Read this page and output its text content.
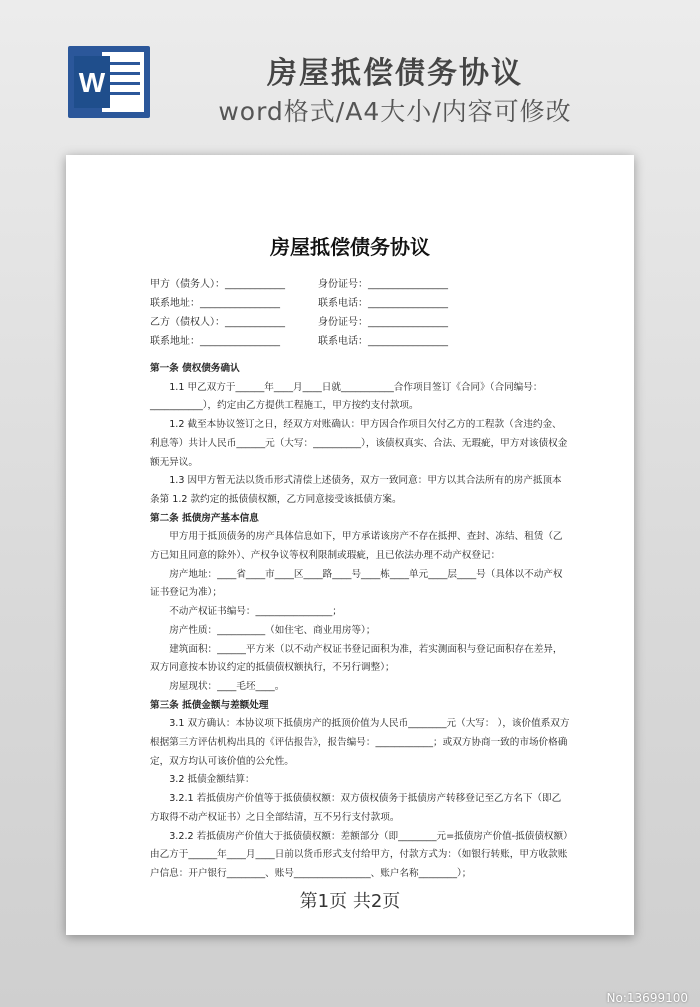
W	房屋抵偿债务协议
word格式/A4大小/内容可修改
房屋抵偿债务协议
甲方（债务人）：____________	身份证号：________________
联系地址：________________	联系电话：________________
乙方（债权人）：____________	身份证号：________________
联系地址：________________	联系电话：________________

第一条 债权债务确认

1.1 甲乙双方于______年____月____日就___________合作项目签订《合同》（合同编号：___________），约定由乙方提供工程施工，甲方按约支付款项。

1.2 截至本协议签订之日，经双方对账确认：甲方因合作项目欠付乙方的工程款（含违约金、利息等）共计人民币______元（大写：__________），该债权真实、合法、无瑕疵，甲方对该债权金额无异议。

1.3 因甲方暂无法以货币形式清偿上述债务，双方一致同意：甲方以其合法所有的房产抵顶本条第 1.2 款约定的抵债债权额，乙方同意接受该抵债方案。

第二条 抵债房产基本信息

甲方用于抵顶债务的房产具体信息如下，甲方承诺该房产不存在抵押、查封、冻结、租赁（乙方已知且同意的除外）、产权争议等权利限制或瑕疵，且已依法办理不动产权登记：

房产地址：____省____市____区____路____号____栋____单元____层____号（具体以不动产权证书登记为准）；

不动产权证书编号：________________；

房产性质：__________（如住宅、商业用房等）；

建筑面积：______平方米（以不动产权证书登记面积为准，若实测面积与登记面积存在差异，双方同意按本协议约定的抵债债权额执行，不另行调整）；

房屋现状：____毛坯____。

第三条 抵债金额与差额处理

3.1 双方确认：本协议项下抵债房产的抵顶价值为人民币________元（大写： ），该价值系双方根据第三方评估机构出具的《评估报告》，报告编号：____________；或双方协商一致的市场价格确定，双方均认可该价值的公允性。

3.2 抵债金额结算：

3.2.1 若抵债房产价值等于抵债债权额：双方债权债务于抵债房产转移登记至乙方名下（即乙方取得不动产权证书）之日全部结清，互不另行支付款项。

3.2.2 若抵债房产价值大于抵债债权额：差额部分（即________元=抵债房产价值-抵债债权额）由乙方于______年____月____日前以货币形式支付给甲方，付款方式为：（如银行转账，甲方收款账户信息：开户银行________、账号________________、账户名称________）；

第1页 共2页
No:13699100
